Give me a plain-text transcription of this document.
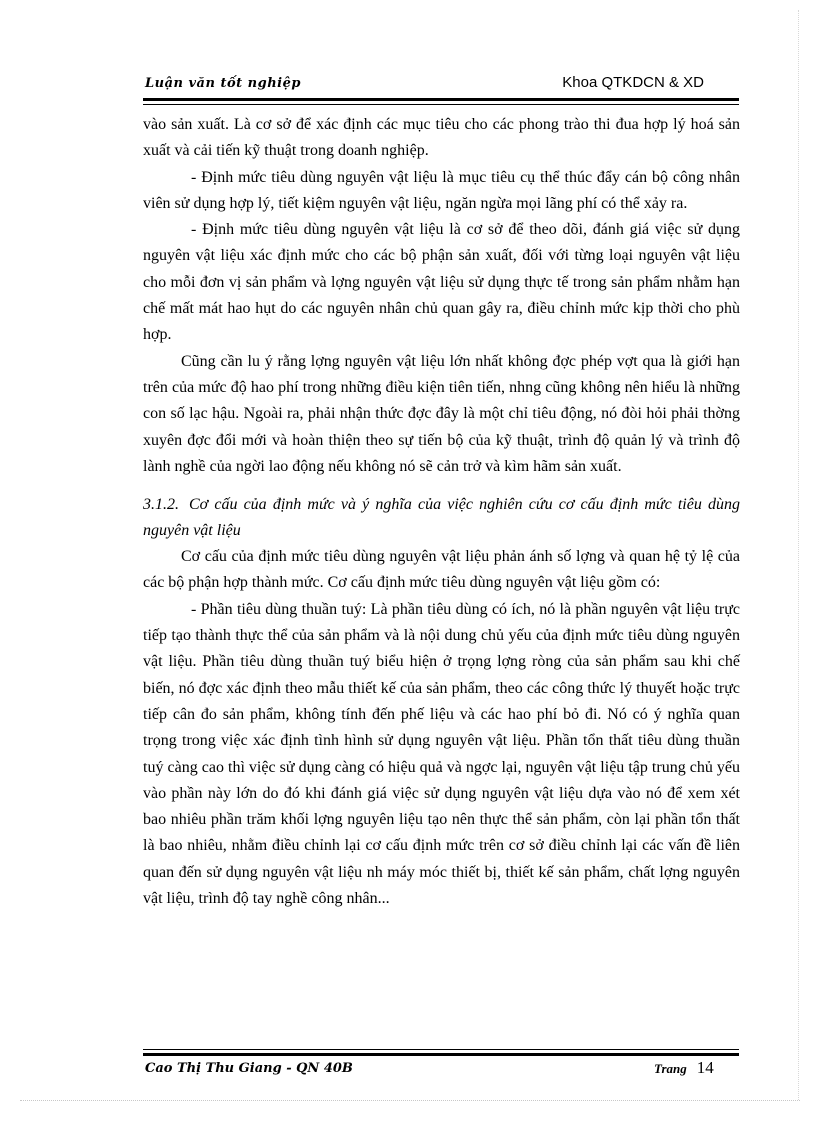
Luận văn tốt nghiệp	Khoa QTKDCN & XD

vào sản xuất. Là cơ sở để xác định các mục tiêu cho các phong trào thi đua hợp lý hoá sản xuất và cải tiến kỹ thuật trong doanh nghiệp.

- Định mức tiêu dùng nguyên vật liệu là mục tiêu cụ thể thúc đẩy cán bộ công nhân viên sử dụng hợp lý, tiết kiệm nguyên vật liệu, ngăn ngừa mọi lãng phí có thể xảy ra.

- Định mức tiêu dùng nguyên vật liệu là cơ sở để theo dõi, đánh giá việc sử dụng nguyên vật liệu xác định mức cho các bộ phận sản xuất, đối với từng loại nguyên vật liệu cho mỗi đơn vị sản phẩm và lợng nguyên vật liệu sử dụng thực tế trong sản phẩm nhằm hạn chế mất mát hao hụt do các nguyên nhân chủ quan gây ra, điều chỉnh mức kịp thời cho phù hợp.

Cũng cần lu ý rằng lợng nguyên vật liệu lớn nhất không đợc phép vợt qua là giới hạn trên của mức độ hao phí trong những điều kiện tiên tiến, nhng cũng không nên hiểu là những con số lạc hậu. Ngoài ra, phải nhận thức đợc đây là một chỉ tiêu động, nó đòi hỏi phải thờng xuyên đợc đổi mới và hoàn thiện theo sự tiến bộ của kỹ thuật, trình độ quản lý và trình độ lành nghề của ngời lao động nếu không nó sẽ cản trở và kìm hãm sản xuất.

3.1.2. Cơ cấu của định mức và ý nghĩa của việc nghiên cứu cơ cấu định mức tiêu dùng nguyên vật liệu

Cơ cấu của định mức tiêu dùng nguyên vật liệu phản ánh số lợng và quan hệ tỷ lệ của các bộ phận hợp thành mức. Cơ cấu định mức tiêu dùng nguyên vật liệu gồm có:

- Phần tiêu dùng thuần tuý: Là phần tiêu dùng có ích, nó là phần nguyên vật liệu trực tiếp tạo thành thực thể của sản phẩm và là nội dung chủ yếu của định mức tiêu dùng nguyên vật liệu. Phần tiêu dùng thuần tuý biểu hiện ở trọng lợng ròng của sản phẩm sau khi chế biến, nó đợc xác định theo mẫu thiết kế của sản phẩm, theo các công thức lý thuyết hoặc trực tiếp cân đo sản phẩm, không tính đến phế liệu và các hao phí bỏ đi. Nó có ý nghĩa quan trọng trong việc xác định tình hình sử dụng nguyên vật liệu. Phần tổn thất tiêu dùng thuần tuý càng cao thì việc sử dụng càng có hiệu quả và ngợc lại, nguyên vật liệu tập trung chủ yếu vào phần này lớn do đó khi đánh giá việc sử dụng nguyên vật liệu dựa vào nó để xem xét bao nhiêu phần trăm khối lợng nguyên liệu tạo nên thực thể sản phẩm, còn lại phần tổn thất là bao nhiêu, nhằm điều chỉnh lại cơ cấu định mức trên cơ sở điều chỉnh lại các vấn đề liên quan đến sử dụng nguyên vật liệu nh máy móc thiết bị, thiết kế sản phẩm, chất lợng nguyên vật liệu, trình độ tay nghề công nhân...

Cao Thị Thu Giang - QN 40B	Trang 14
